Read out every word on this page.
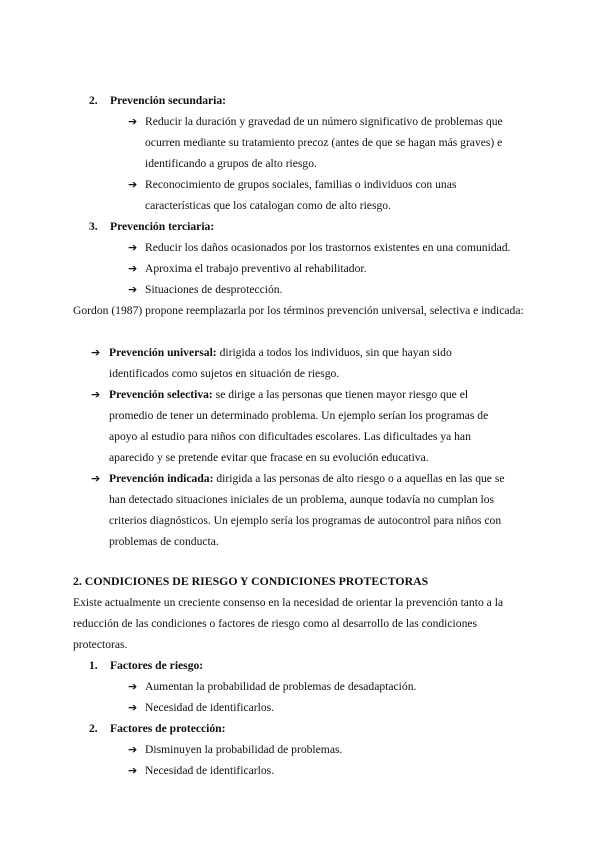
2.	Prevención secundaria:
➔ Reducir la duración y gravedad de un número significativo de problemas que ocurren mediante su tratamiento precoz (antes de que se hagan más graves) e identificando a grupos de alto riesgo.
➔ Reconocimiento de grupos sociales, familias o individuos con unas características que los catalogan como de alto riesgo.
3.	Prevención terciaria:
➔ Reducir los daños ocasionados por los trastornos existentes en una comunidad.
➔ Aproxima el trabajo preventivo al rehabilitador.
➔ Situaciones de desprotección.
Gordon (1987) propone reemplazarla por los términos prevención universal, selectiva e indicada:
➔ Prevención universal: dirigida a todos los individuos, sin que hayan sido identificados como sujetos en situación de riesgo.
➔ Prevención selectiva: se dirige a las personas que tienen mayor riesgo que el promedio de tener un determinado problema. Un ejemplo serían los programas de apoyo al estudio para niños con dificultades escolares. Las dificultades ya han aparecido y se pretende evitar que fracase en su evolución educativa.
➔ Prevención indicada: dirigida a las personas de alto riesgo o a aquellas en las que se han detectado situaciones iniciales de un problema, aunque todavía no cumplan los criterios diagnósticos. Un ejemplo sería los programas de autocontrol para niños con problemas de conducta.
2. CONDICIONES DE RIESGO Y CONDICIONES PROTECTORAS
Existe actualmente un creciente consenso en la necesidad de orientar la prevención tanto a la reducción de las condiciones o factores de riesgo como al desarrollo de las condiciones protectoras.
1.	Factores de riesgo:
➔ Aumentan la probabilidad de problemas de desadaptación.
➔ Necesidad de identificarlos.
2.	Factores de protección:
➔ Disminuyen la probabilidad de problemas.
➔ Necesidad de identificarlos.
